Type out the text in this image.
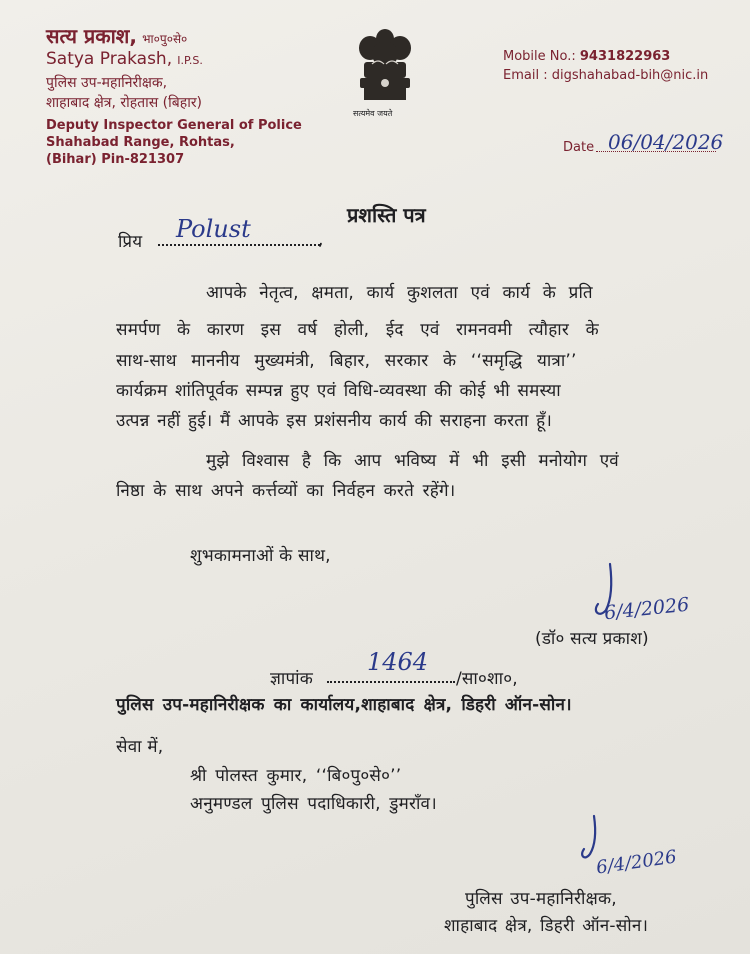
सत्य प्रकाश, भा०पु०से०
Satya Prakash, I.P.S.
पुलिस उप-महानिरीक्षक,
शाहाबाद क्षेत्र, रोहतास (बिहार)
Deputy Inspector General of Police
Shahabad Range, Rohtas,
(Bihar) Pin-821307
सत्यमेव जयते
Mobile No.: 9431822963
Email : digshahabad-bih@nic.in
Date 06/04/2026
प्रशस्ति पत्र
प्रिय	,
Polust
आपके नेतृत्व, क्षमता, कार्य कुशलता एवं कार्य के प्रति
समर्पण के कारण इस वर्ष होली, ईद एवं रामनवमी त्यौहार के
साथ-साथ माननीय मुख्यमंत्री, बिहार, सरकार के ‘‘समृद्धि यात्रा’’
कार्यक्रम शांतिपूर्वक सम्पन्न हुए एवं विधि-व्यवस्था की कोई भी समस्या
उत्पन्न नहीं हुई। मैं आपके इस प्रशंसनीय कार्य की सराहना करता हूँ।
मुझे विश्वास है कि आप भविष्य में भी इसी मनोयोग एवं
निष्ठा के साथ अपने कर्त्तव्यों का निर्वहन करते रहेंगे।
शुभकामनाओं के साथ,
6/4/2026
(डॉ० सत्य प्रकाश)
ज्ञापांक
1464
/सा०शा०,
पुलिस उप-महानिरीक्षक का कार्यालय,शाहाबाद क्षेत्र, डिहरी ऑन-सोन।
सेवा में,
श्री पोलस्त कुमार, ‘‘बि०पु०से०’’
अनुमण्डल पुलिस पदाधिकारी, डुमराँव।
6/4/2026
पुलिस उप-महानिरीक्षक,
शाहाबाद क्षेत्र, डिहरी ऑन-सोन।
